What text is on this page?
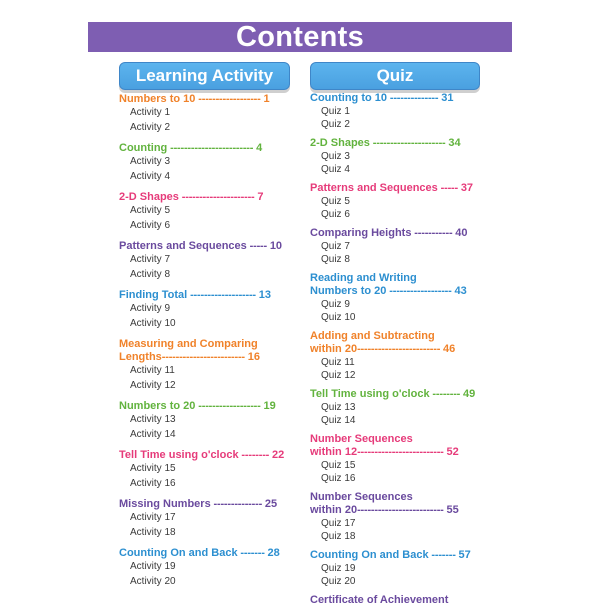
Contents
Learning Activity	Quiz
Numbers to 10 ------------------ 1
Activity 1
Activity 2
Counting ------------------------ 4
Activity 3
Activity 4
2-D Shapes --------------------- 7
Activity 5
Activity 6
Patterns and Sequences ----- 10
Activity 7
Activity 8
Finding Total ------------------- 13
Activity 9
Activity 10
Measuring and Comparing
Lengths------------------------ 16
Activity 11
Activity 12
Numbers to 20 ------------------ 19
Activity 13
Activity 14
Tell Time using o'clock -------- 22
Activity 15
Activity 16
Missing Numbers -------------- 25
Activity 17
Activity 18
Counting On and Back ------- 28
Activity 19
Activity 20
Counting to 10 -------------- 31
Quiz 1
Quiz 2
2-D Shapes --------------------- 34
Quiz 3
Quiz 4
Patterns and Sequences ----- 37
Quiz 5
Quiz 6
Comparing Heights ----------- 40
Quiz 7
Quiz 8
Reading and Writing
Numbers to 20 ------------------ 43
Quiz 9
Quiz 10
Adding and Subtracting
within 20------------------------ 46
Quiz 11
Quiz 12
Tell Time using o'clock -------- 49
Quiz 13
Quiz 14
Number Sequences
within 12------------------------- 52
Quiz 15
Quiz 16
Number Sequences
within 20------------------------- 55
Quiz 17
Quiz 18
Counting On and Back ------- 57
Quiz 19
Quiz 20
Certificate of Achievement
